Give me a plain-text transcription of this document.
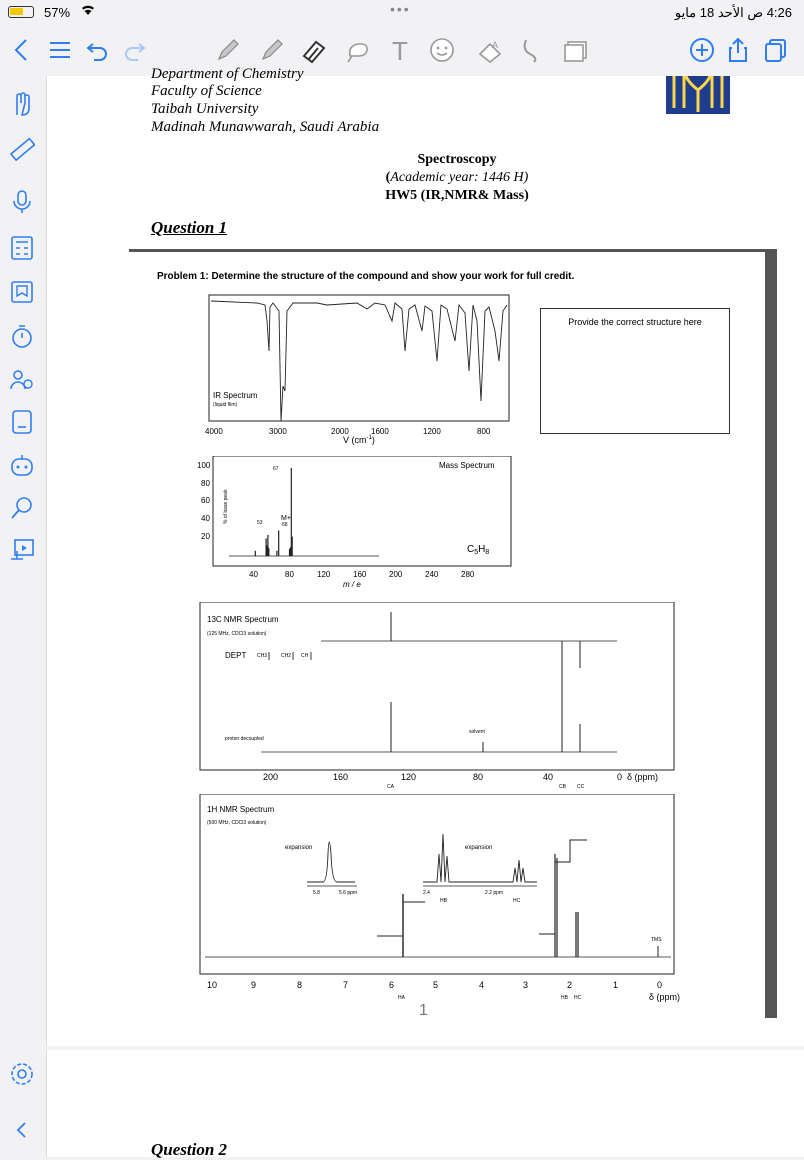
57%	•••	4:26 ص الأحد 18 مايو
T	A
Department of Chemistry
Faculty of Science
Taibah University
Madinah Munawwarah, Saudi Arabia
Spectroscopy
(Academic year: 1446 H)
HW5 (IR,NMR& Mass)
Question 1
Problem 1: Determine the structure of the compound and show your work for full credit.
Provide the correct structure here
IR Spectrum
(liquid film)
4000	3000	2000	1600	1200	800
V $(cm^{-1})$
Mass Spectrum
$C_5H_8$
% of base peak
100
80
60
40
20
40	80	120	160	200	240	280
m / e
67
53
M+
68
13C NMR Spectrum
(125 MHz, CDCl3 solution)
DEPT CH3	CH2 CH
proton decoupled
solvent
200	160	120	80	40	0 δ (ppm)
CA	CB CC
1H NMR Spectrum
(500 MHz, CDCl3 solution)
expansion
5.8	5.6 ppm
expansion
2.4	2.2 ppm
HB	HC
TMS
10	9	8	7	6	5	4	3	2	1	0
δ (ppm)
HA	HB HC
1
Question 2
